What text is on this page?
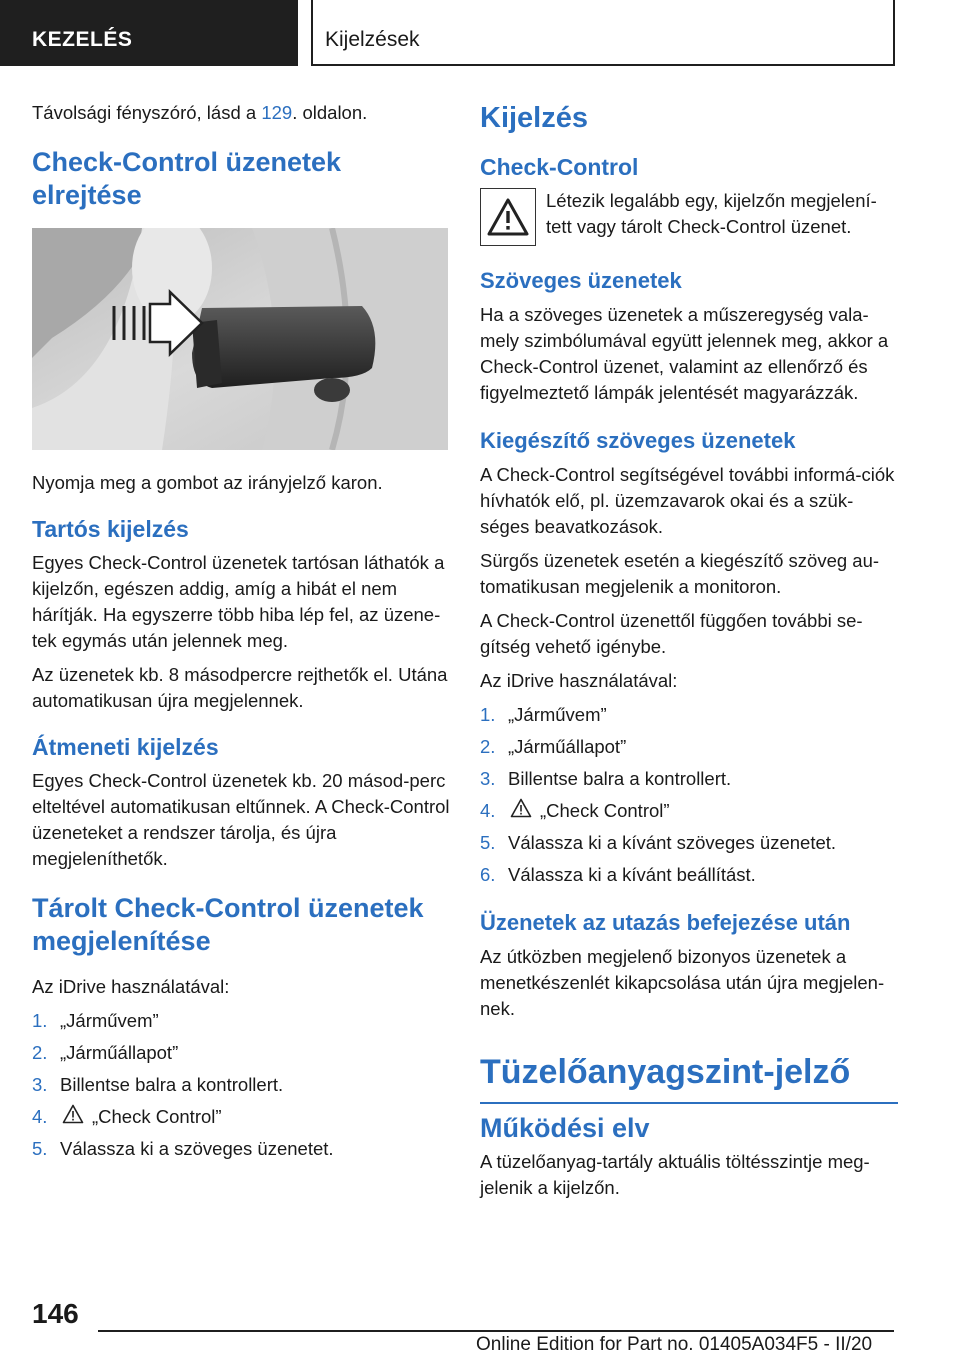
KEZELÉS	Kijelzések

Távolsági fényszóró, lásd a 129. oldalon.

Check-Control üzenetek elrejtése

Nyomja meg a gombot az irányjelző karon.

Tartós kijelzés

Egyes Check-Control üzenetek tartósan láthatók a kijelzőn, egészen addig, amíg a hibát el nem hárítják. Ha egyszerre több hiba lép fel, az üzene-tek egymás után jelennek meg.

Az üzenetek kb. 8 másodpercre rejthetők el. Utána automatikusan újra megjelennek.

Átmeneti kijelzés

Egyes Check-Control üzenetek kb. 20 másod-perc elteltével automatikusan eltűnnek. A Check-Control üzeneteket a rendszer tárolja, és újra megjeleníthetők.

Tárolt Check-Control üzenetek megjelenítése

Az iDrive használatával:

1. „Járművem”
2. „Járműállapot”
3. Billentse balra a kontrollert.
4.	„Check Control”
5. Válassza ki a szöveges üzenetet.
Kijelzés
Check-Control

Létezik legalább egy, kijelzőn megjelení-tett vagy tárolt Check-Control üzenet.

Szöveges üzenetek

Ha a szöveges üzenetek a műszeregység vala-mely szimbólumával együtt jelennek meg, akkor a Check-Control üzenet, valamint az ellenőrző és figyelmeztető lámpák jelentését magyarázzák.

Kiegészítő szöveges üzenetek

A Check-Control segítségével további informá-ciók hívhatók elő, pl. üzemzavarok okai és a szük-séges beavatkozások.

Sürgős üzenetek esetén a kiegészítő szöveg au-tomatikusan megjelenik a monitoron.

A Check-Control üzenettől függően további se-gítség vehető igénybe.

Az iDrive használatával:

1. „Járművem”
2. „Járműállapot”
3. Billentse balra a kontrollert.
4.	„Check Control”
5. Válassza ki a kívánt szöveges üzenetet.
6. Válassza ki a kívánt beállítást.
Üzenetek az utazás befejezése után

Az útközben megjelenő bizonyos üzenetek a menetkészenlét kikapcsolása után újra megjelen-nek.

Tüzelőanyagszint-jelző
Működési elv

A tüzelőanyag-tartály aktuális töltésszintje meg-jelenik a kijelzőn.

146
Online Edition for Part no. 01405A034F5 - II/20
